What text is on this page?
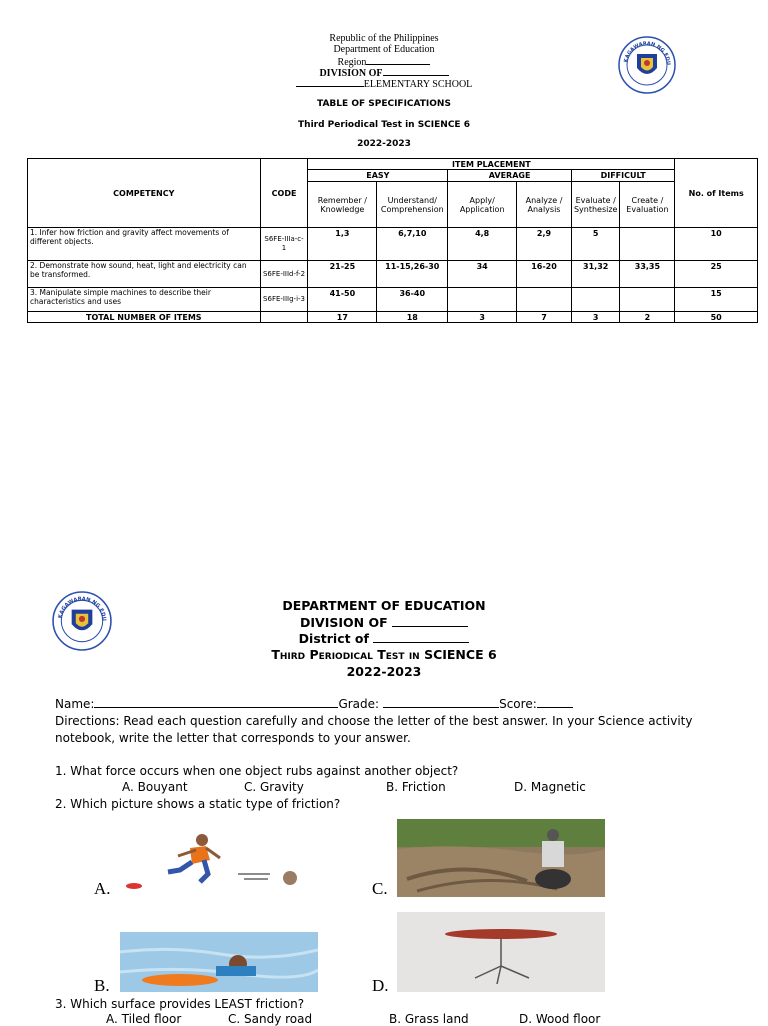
Republic of the Philippines
Department of Education
Region
DIVISION OF
ELEMENTARY SCHOOL
KAGAWARAN NG EDU
TABLE OF SPECIFICATIONS
Third Periodical Test in SCIENCE 6
2022-2023
COMPETENCY	CODE	ITEM PLACEMENT						No. of Items
		EASY		AVERAGE		DIFFICULT		
		Remember / Knowledge	Understand/ Comprehension	Apply/ Application	Analyze / Analysis	Evaluate / Synthesize	Create / Evaluation	
1. Infer how friction and gravity affect movements of different objects.	S6FE-IIIa-c-1	1,3	6,7,10	4,8	2,9	5		10
2. Demonstrate how sound, heat, light and electricity can be transformed.	S6FE-IIId-f-2	21-25	11-15,26-30	34	16-20	31,32	33,35	25
3. Manipulate simple machines to describe their characteristics and uses	S6FE-IIIg-i-3	41-50	36-40					15
TOTAL NUMBER OF ITEMS		17	18	3	7	3	2	50
KAGAWARAN NG EDU
DEPARTMENT OF EDUCATION
DIVISION OF
District of
Third Periodical Test in SCIENCE 6
2022-2023
Name:	Grade:	Score:
Directions: Read each question carefully and choose the letter of the best answer. In your Science activity notebook, write the letter that corresponds to your answer.
1. What force occurs when one object rubs against another object?
A. Bouyant	C. Gravity	B. Friction	D. Magnetic
2. Which picture shows a static type of friction?
A.	C.
B.	D.
3. Which surface provides LEAST friction?
A. Tiled floor	C. Sandy road	B. Grass land	D. Wood floor
